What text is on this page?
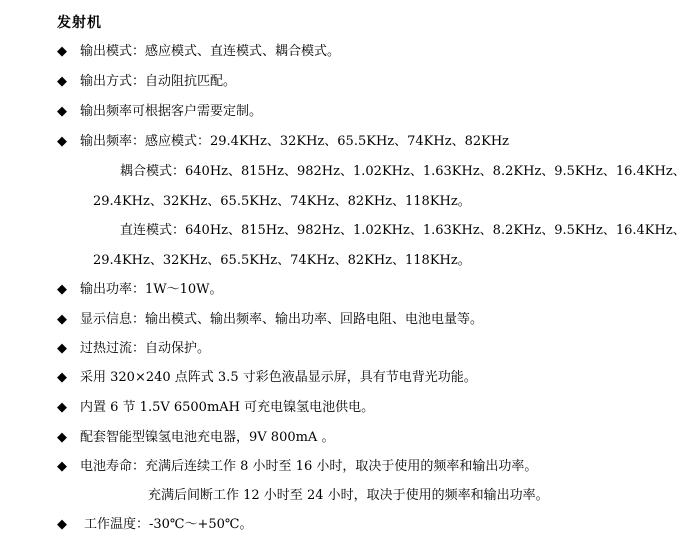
发射机
◆ 输出模式：感应模式、直连模式、耦合模式。
◆ 输出方式：自动阻抗匹配。
◆ 输出频率可根据客户需要定制。
◆ 输出频率：感应模式：29.4KHz、32KHz、65.5KHz、74KHz、82KHz
耦合模式：640Hz、815Hz、982Hz、1.02KHz、1.63KHz、8.2KHz、9.5KHz、16.4KHz、
29.4KHz、32KHz、65.5KHz、74KHz、82KHz、118KHz。
直连模式：640Hz、815Hz、982Hz、1.02KHz、1.63KHz、8.2KHz、9.5KHz、16.4KHz、
29.4KHz、32KHz、65.5KHz、74KHz、82KHz、118KHz。
◆ 输出功率：1W～10W。
◆ 显示信息：输出模式、输出频率、输出功率、回路电阻、电池电量等。
◆ 过热过流：自动保护。
◆ 采用 320×240 点阵式 3.5 寸彩色液晶显示屏，具有节电背光功能。
◆ 内置 6 节 1.5V 6500mAH 可充电镍氢电池供电。
◆ 配套智能型镍氢电池充电器，9V 800mA 。
◆ 电池寿命：充满后连续工作 8 小时至 16 小时，取决于使用的频率和输出功率。
充满后间断工作 12 小时至 24 小时，取决于使用的频率和输出功率。
◆ 工作温度：-30℃～+50℃。
